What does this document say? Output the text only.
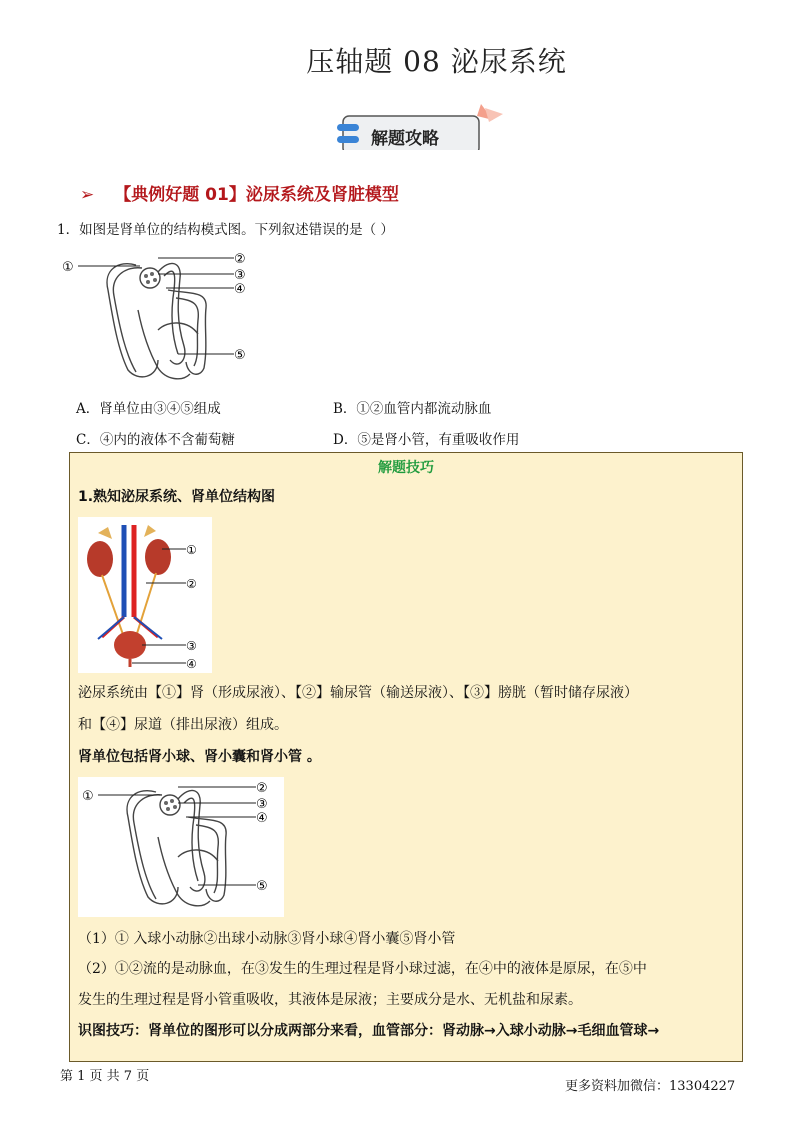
压轴题 08 泌尿系统
解题攻略
➢ 【典例好题 01】泌尿系统及肾脏模型
1．如图是肾单位的结构模式图。下列叙述错误的是（ ）
①
②
③
④
⑤
A．肾单位由③④⑤组成	B．①②血管内都流动脉血
C．④内的液体不含葡萄糖	D．⑤是肾小管，有重吸收作用
解题技巧
1.熟知泌尿系统、肾单位结构图
①
②
③
④
泌尿系统由【①】肾（形成尿液）、【②】输尿管（输送尿液）、【③】膀胱（暂时储存尿液）
和【④】尿道（排出尿液）组成。
肾单位包括肾小球、肾小囊和肾小管 。
①
②
③
④
⑤
（1）① 入球小动脉②出球小动脉③肾小球④肾小囊⑤肾小管
（2）①②流的是动脉血，在③发生的生理过程是肾小球过滤，在④中的液体是原尿，在⑤中
发生的生理过程是肾小管重吸收，其液体是尿液；主要成分是水、无机盐和尿素。
识图技巧：肾单位的图形可以分成两部分来看，血管部分：肾动脉→入球小动脉→毛细血管球→
第 1 页 共 7 页
更多资料加微信：13304227
